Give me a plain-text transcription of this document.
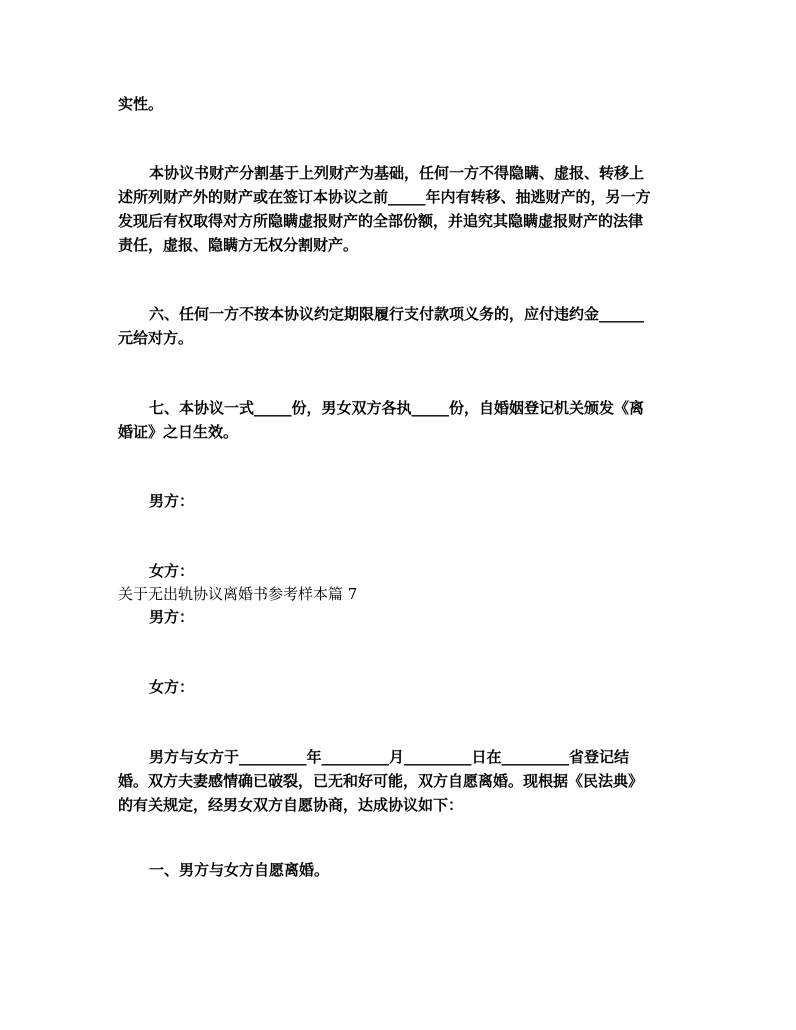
实性。

本协议书财产分割基于上列财产为基础，任何一方不得隐瞒、虚报、转移上

述所列财产外的财产或在签订本协议之前_____年内有转移、抽逃财产的，另一方

发现后有权取得对方所隐瞒虚报财产的全部份额，并追究其隐瞒虚报财产的法律

责任，虚报、隐瞒方无权分割财产。

六、任何一方不按本协议约定期限履行支付款项义务的，应付违约金______

元给对方。

七、本协议一式_____份，男女双方各执_____份，自婚姻登记机关颁发《离

婚证》之日生效。

男方：

女方：

关于无出轨协议离婚书参考样本篇 7

男方：

女方：

男方与女方于_________年_________月_________日在_________省登记结

婚。双方夫妻感情确已破裂，已无和好可能，双方自愿离婚。现根据《民法典》

的有关规定，经男女双方自愿协商，达成协议如下：

一、男方与女方自愿离婚。
